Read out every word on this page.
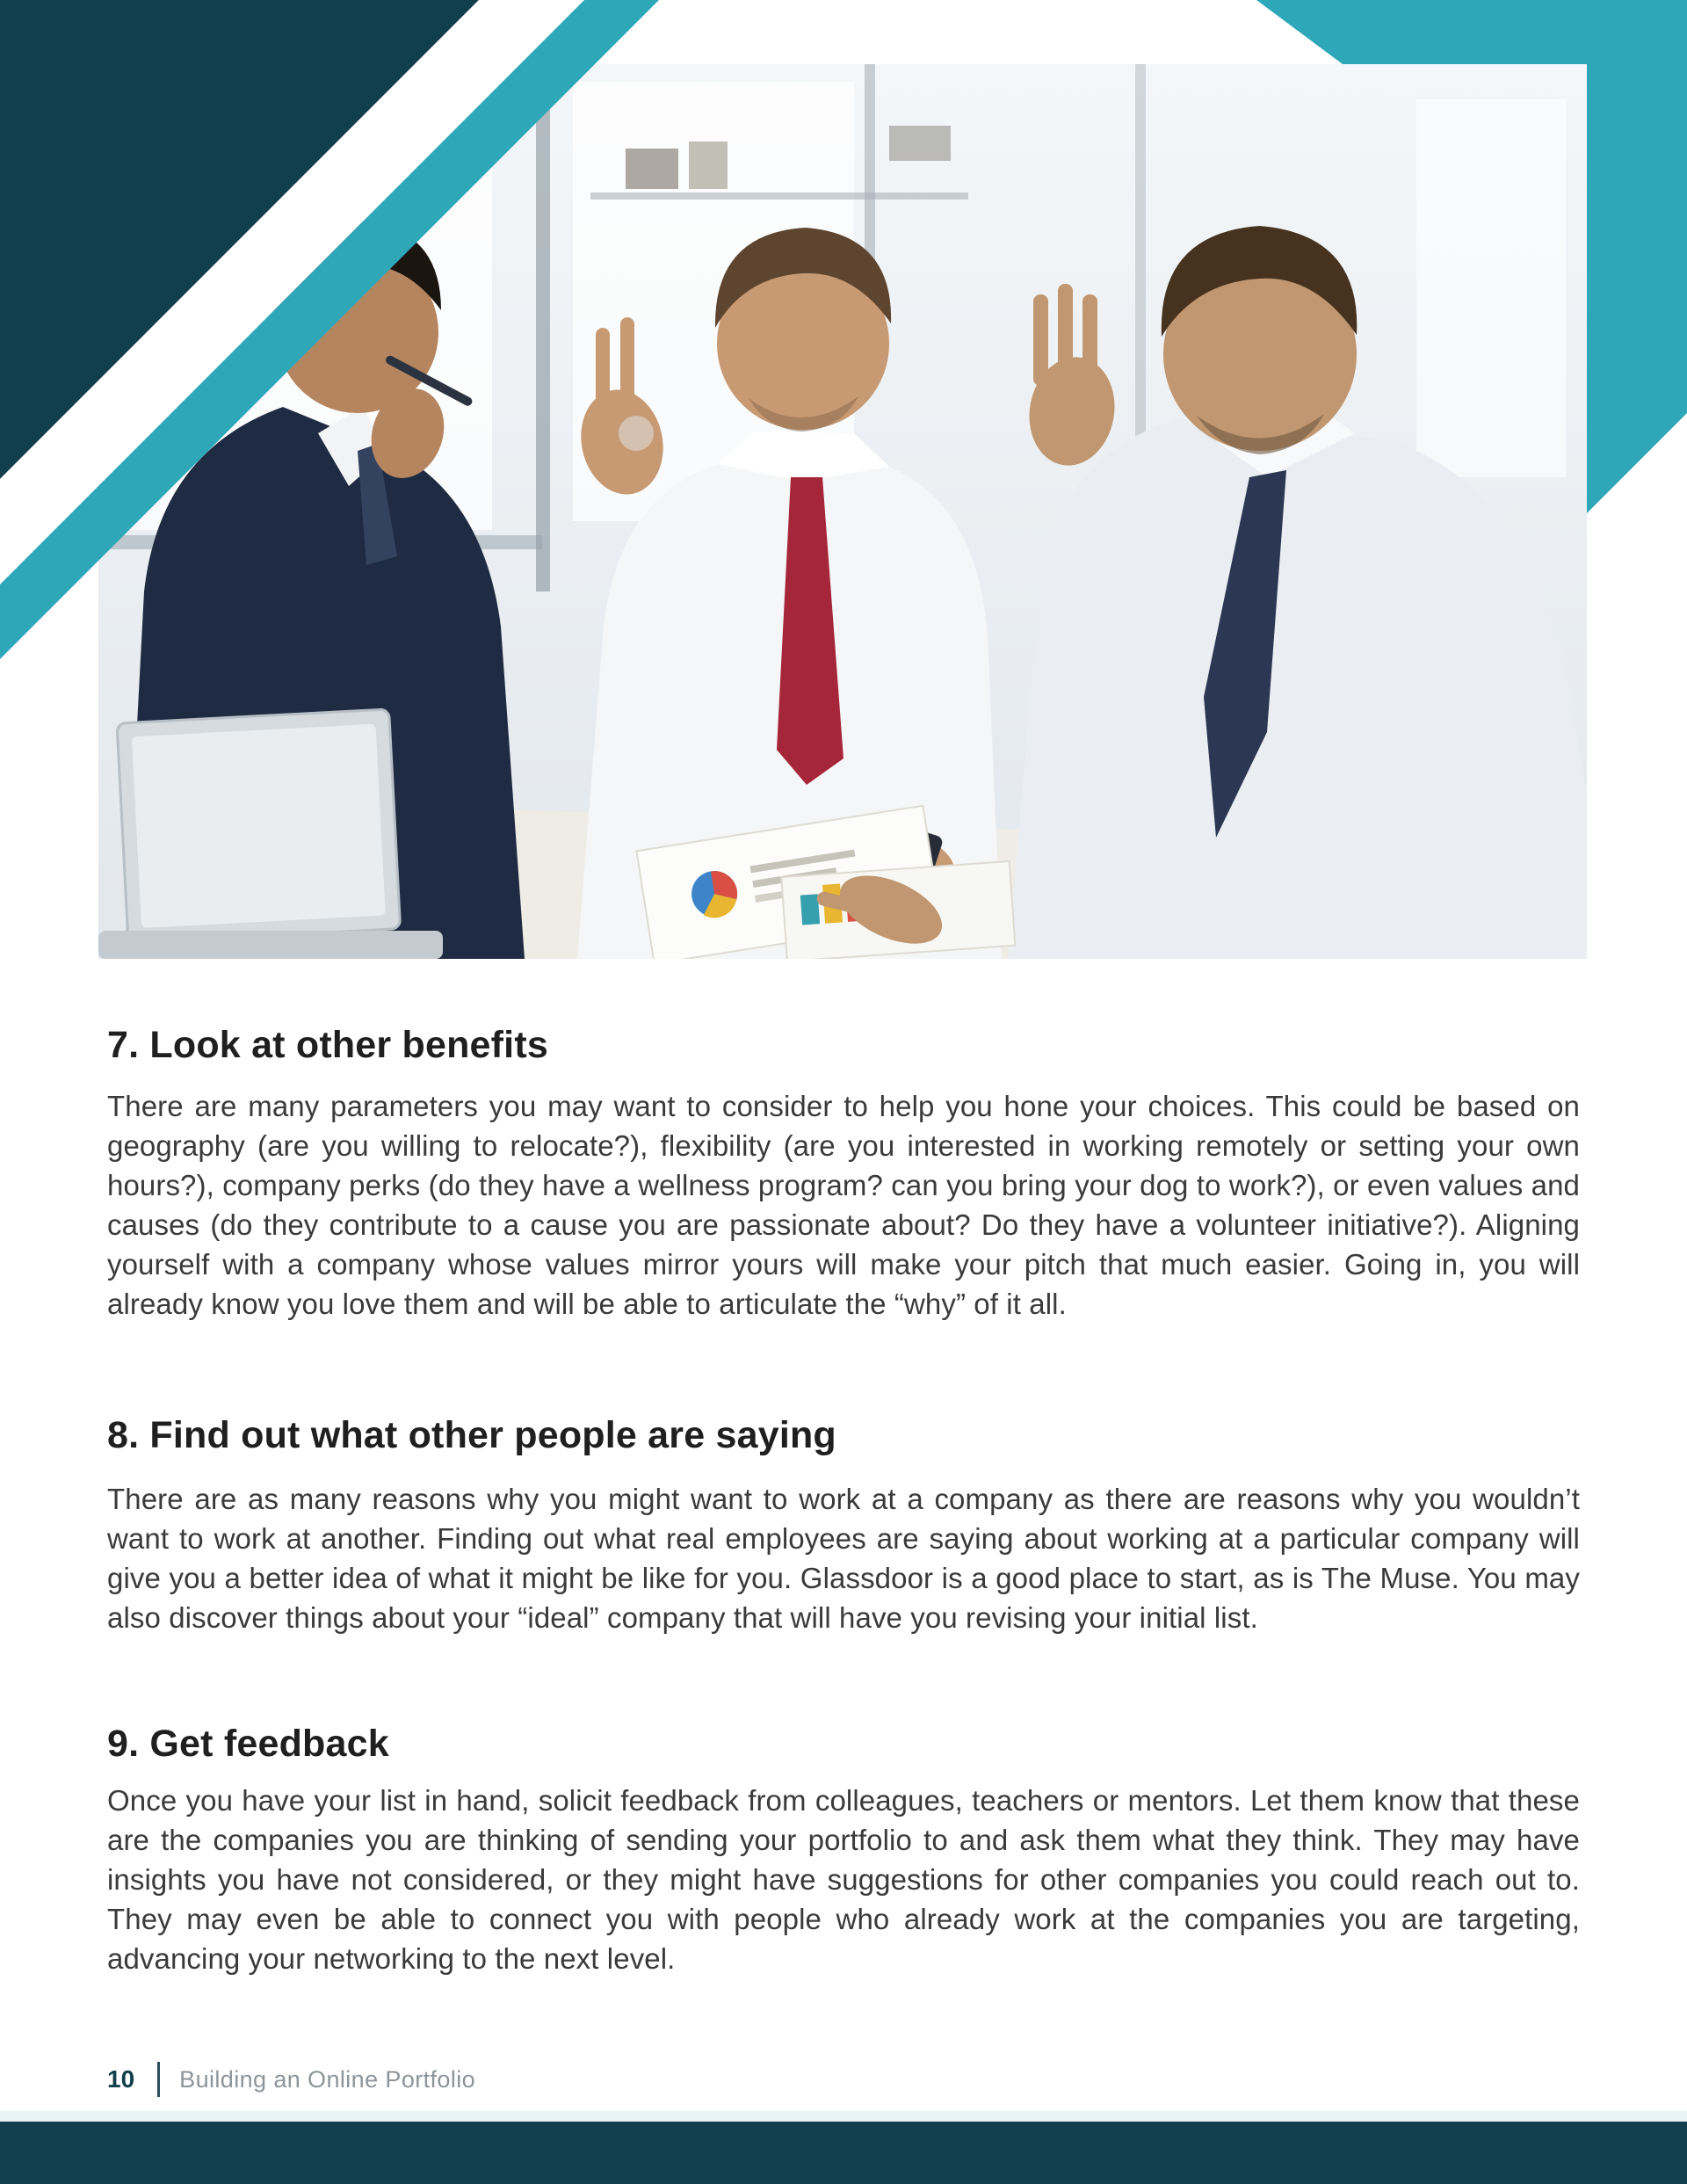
7. Look at other benefits

There are many parameters you may want to consider to help you hone your choices. This could be based on geography (are you willing to relocate?), flexibility (are you interested in working remotely or setting your own hours?), company perks (do they have a wellness program? can you bring your dog to work?), or even values and causes (do they contribute to a cause you are passionate about? Do they have a volunteer initiative?). Aligning yourself with a company whose values mirror yours will make your pitch that much easier. Going in, you will already know you love them and will be able to articulate the “why” of it all.

8. Find out what other people are saying

There are as many reasons why you might want to work at a company as there are reasons why you wouldn’t want to work at another. Finding out what real employees are saying about working at a particular company will give you a better idea of what it might be like for you. Glassdoor is a good place to start, as is The Muse. You may also discover things about your “ideal” company that will have you revising your initial list.

9. Get feedback

Once you have your list in hand, solicit feedback from colleagues, teachers or mentors. Let them know that these are the companies you are thinking of sending your portfolio to and ask them what they think. They may have insights you have not considered, or they might have suggestions for other companies you could reach out to. They may even be able to connect you with people who already work at the companies you are targeting, advancing your networking to the next level.

10 Building an Online Portfolio
